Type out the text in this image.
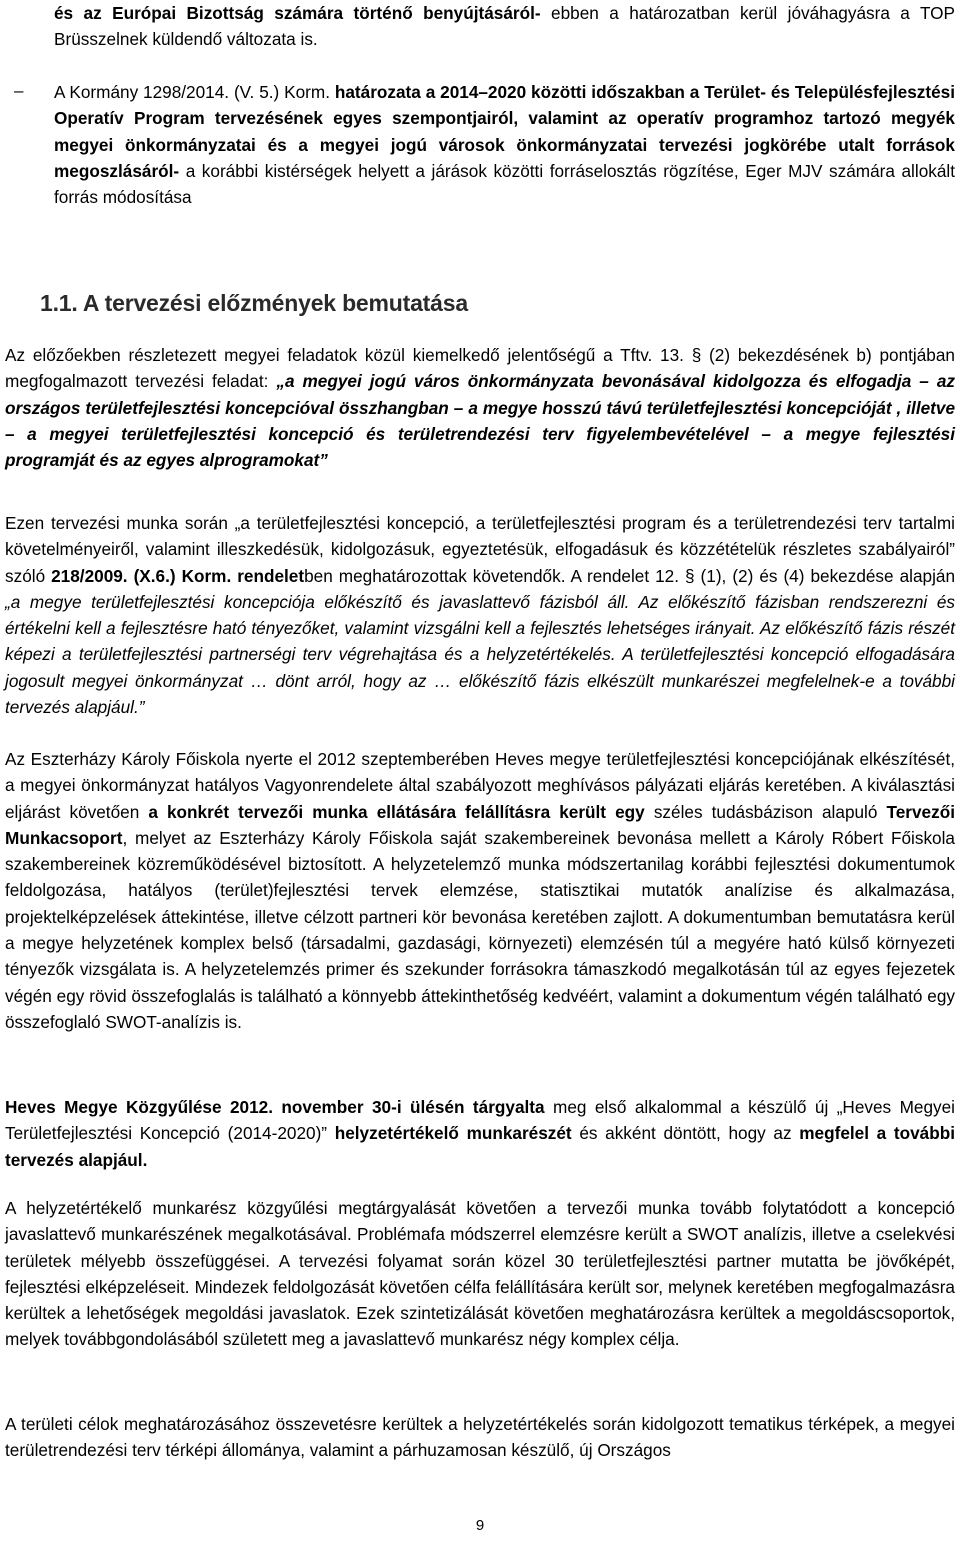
és az Európai Bizottság számára történő benyújtásáról- ebben a határozatban kerül jóváhagyásra a TOP Brüsszelnek küldendő változata is.

– A Kormány 1298/2014. (V. 5.) Korm. határozata a 2014–2020 közötti időszakban a Terület- és Településfejlesztési Operatív Program tervezésének egyes szempontjairól, valamint az operatív programhoz tartozó megyék megyei önkormányzatai és a megyei jogú városok önkormányzatai tervezési jogkörébe utalt források megoszlásáról- a korábbi kistérségek helyett a járások közötti forráselosztás rögzítése, Eger MJV számára allokált forrás módosítása

1.1. A tervezési előzmények bemutatása

Az előzőekben részletezett megyei feladatok közül kiemelkedő jelentőségű a Tftv. 13. § (2) bekezdésének b) pontjában megfogalmazott tervezési feladat: „a megyei jogú város önkormányzata bevonásával kidolgozza és elfogadja – az országos területfejlesztési koncepcióval összhangban – a megye hosszú távú területfejlesztési koncepcióját , illetve – a megyei területfejlesztési koncepció és területrendezési terv figyelembevételével – a megye fejlesztési programját és az egyes alprogramokat”

Ezen tervezési munka során „a területfejlesztési koncepció, a területfejlesztési program és a területrendezési terv tartalmi követelményeiről, valamint illeszkedésük, kidolgozásuk, egyeztetésük, elfogadásuk és közzétételük részletes szabályairól” szóló 218/2009. (X.6.) Korm. rendeletben meghatározottak követendők. A rendelet 12. § (1), (2) és (4) bekezdése alapján „a megye területfejlesztési koncepciója előkészítő és javaslattevő fázisból áll. Az előkészítő fázisban rendszerezni és értékelni kell a fejlesztésre ható tényezőket, valamint vizsgálni kell a fejlesztés lehetséges irányait. Az előkészítő fázis részét képezi a területfejlesztési partnerségi terv végrehajtása és a helyzetértékelés. A területfejlesztési koncepció elfogadására jogosult megyei önkormányzat … dönt arról, hogy az … előkészítő fázis elkészült munkarészei megfelelnek-e a további tervezés alapjául.”

Az Eszterházy Károly Főiskola nyerte el 2012 szeptemberében Heves megye területfejlesztési koncepciójának elkészítését, a megyei önkormányzat hatályos Vagyonrendelete által szabályozott meghívásos pályázati eljárás keretében. A kiválasztási eljárást követően a konkrét tervezői munka ellátására felállításra került egy széles tudásbázison alapuló Tervezői Munkacsoport, melyet az Eszterházy Károly Főiskola saját szakembereinek bevonása mellett a Károly Róbert Főiskola szakembereinek közreműködésével biztosított. A helyzetelemző munka módszertanilag korábbi fejlesztési dokumentumok feldolgozása, hatályos (terület)fejlesztési tervek elemzése, statisztikai mutatók analízise és alkalmazása, projektelképzelések áttekintése, illetve célzott partneri kör bevonása keretében zajlott. A dokumentumban bemutatásra kerül a megye helyzetének komplex belső (társadalmi, gazdasági, környezeti) elemzésén túl a megyére ható külső környezeti tényezők vizsgálata is. A helyzetelemzés primer és szekunder forrásokra támaszkodó megalkotásán túl az egyes fejezetek végén egy rövid összefoglalás is található a könnyebb áttekinthetőség kedvéért, valamint a dokumentum végén található egy összefoglaló SWOT-analízis is.

Heves Megye Közgyűlése 2012. november 30-i ülésén tárgyalta meg első alkalommal a készülő új „Heves Megyei Területfejlesztési Koncepció (2014-2020)” helyzetértékelő munkarészét és akként döntött, hogy az megfelel a további tervezés alapjául.

A helyzetértékelő munkarész közgyűlési megtárgyalását követően a tervezői munka tovább folytatódott a koncepció javaslattevő munkarészének megalkotásával. Problémafa módszerrel elemzésre került a SWOT analízis, illetve a cselekvési területek mélyebb összefüggései. A tervezési folyamat során közel 30 területfejlesztési partner mutatta be jövőképét, fejlesztési elképzeléseit. Mindezek feldolgozását követően célfa felállítására került sor, melynek keretében megfogalmazásra kerültek a lehetőségek megoldási javaslatok. Ezek szintetizálását követően meghatározásra kerültek a megoldáscsoportok, melyek továbbgondolásából született meg a javaslattevő munkarész négy komplex célja.

A területi célok meghatározásához összevetésre kerültek a helyzetértékelés során kidolgozott tematikus térképek, a megyei területrendezési terv térképi állománya, valamint a párhuzamosan készülő, új Országos

9
